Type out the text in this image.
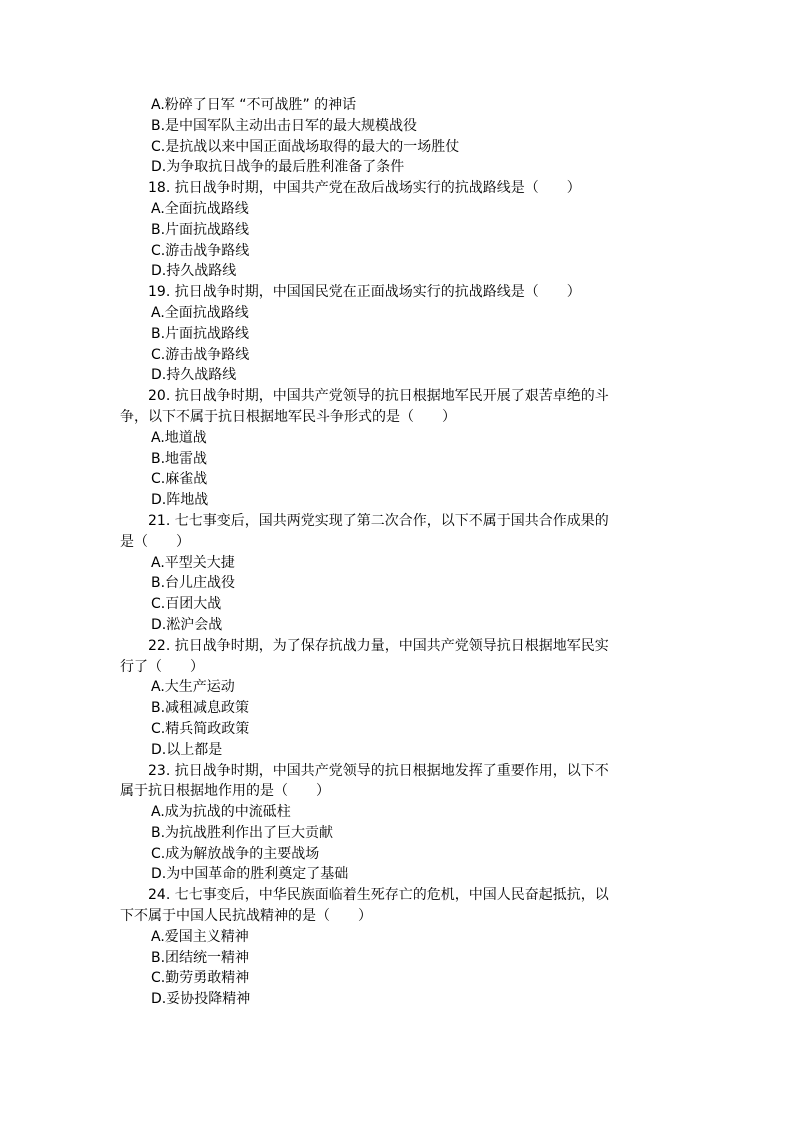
A.粉碎了日军 “不可战胜” 的神话
B.是中国军队主动出击日军的最大规模战役
C.是抗战以来中国正面战场取得的最大的一场胜仗
D.为争取抗日战争的最后胜利准备了条件
18. 抗日战争时期，中国共产党在敌后战场实行的抗战路线是（　　）
A.全面抗战路线
B.片面抗战路线
C.游击战争路线
D.持久战路线
19. 抗日战争时期，中国国民党在正面战场实行的抗战路线是（　　）
A.全面抗战路线
B.片面抗战路线
C.游击战争路线
D.持久战路线
20. 抗日战争时期，中国共产党领导的抗日根据地军民开展了艰苦卓绝的斗
争，以下不属于抗日根据地军民斗争形式的是（　　）
A.地道战
B.地雷战
C.麻雀战
D.阵地战
21. 七七事变后，国共两党实现了第二次合作，以下不属于国共合作成果的
是（　　）
A.平型关大捷
B.台儿庄战役
C.百团大战
D.淞沪会战
22. 抗日战争时期，为了保存抗战力量，中国共产党领导抗日根据地军民实
行了（　　）
A.大生产运动
B.减租减息政策
C.精兵简政政策
D.以上都是
23. 抗日战争时期，中国共产党领导的抗日根据地发挥了重要作用，以下不
属于抗日根据地作用的是（　　）
A.成为抗战的中流砥柱
B.为抗战胜利作出了巨大贡献
C.成为解放战争的主要战场
D.为中国革命的胜利奠定了基础
24. 七七事变后，中华民族面临着生死存亡的危机，中国人民奋起抵抗，以
下不属于中国人民抗战精神的是（　　）
A.爱国主义精神
B.团结统一精神
C.勤劳勇敢精神
D.妥协投降精神
